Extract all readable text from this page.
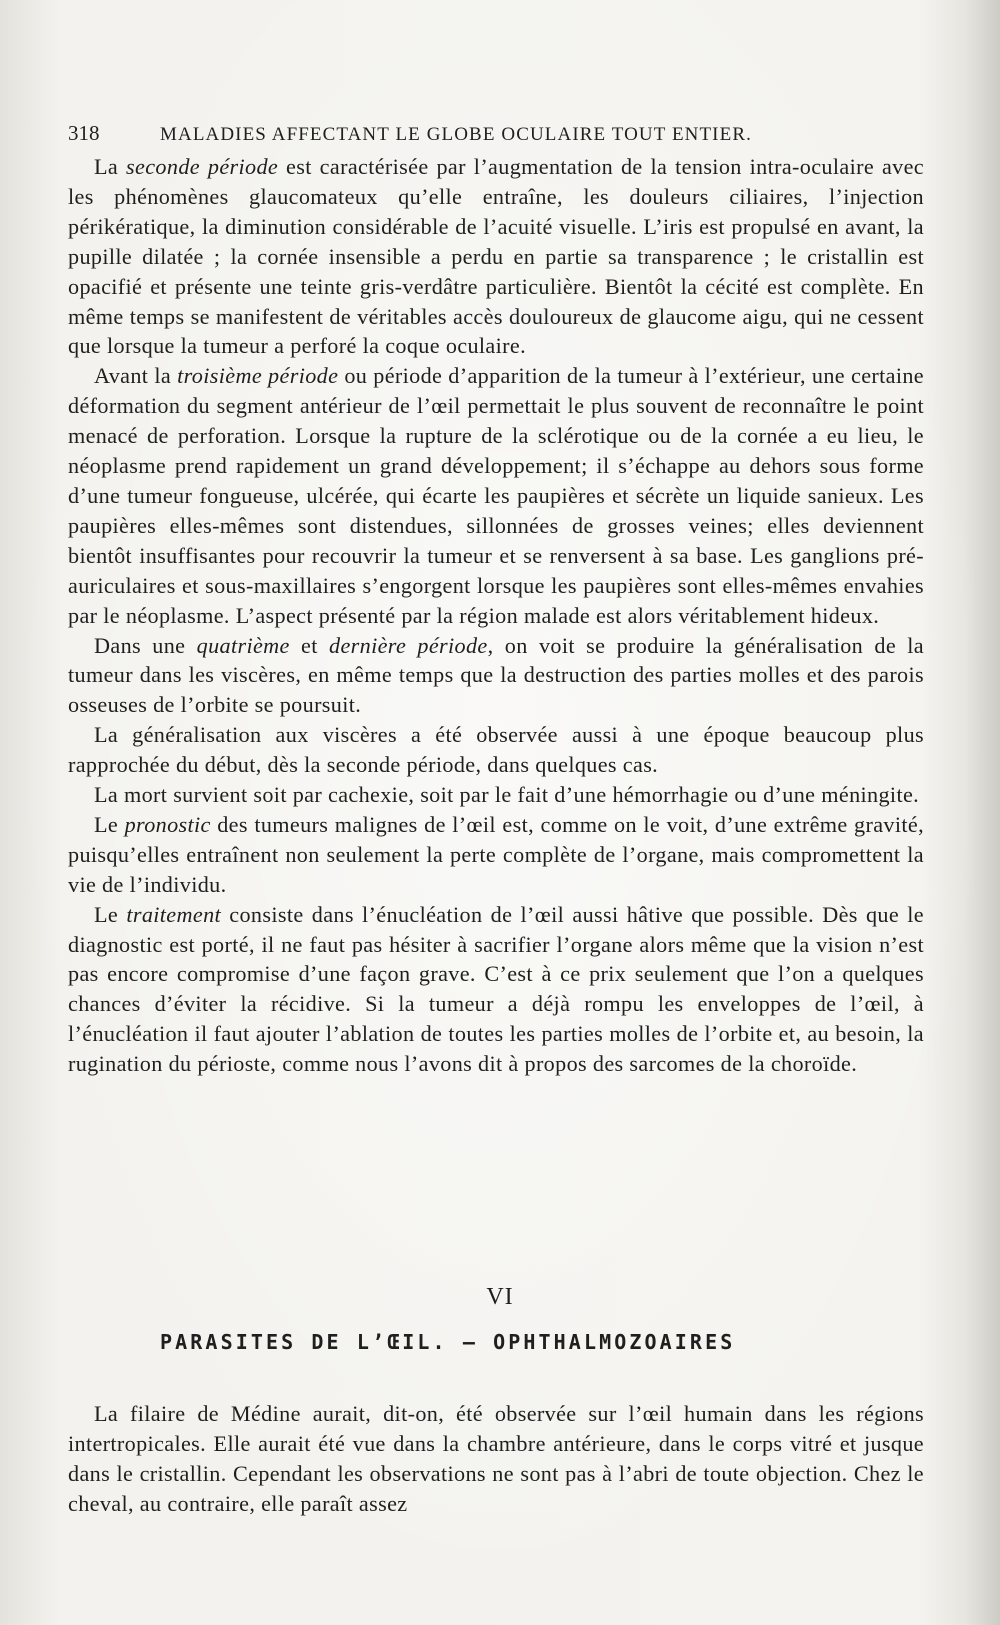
318	MALADIES AFFECTANT LE GLOBE OCULAIRE TOUT ENTIER.

La seconde période est caractérisée par l’augmentation de la tension intra-oculaire avec les phénomènes glaucomateux qu’elle entraîne, les douleurs ciliaires, l’injection périkératique, la diminution considérable de l’acuité visuelle. L’iris est propulsé en avant, la pupille dilatée ; la cornée insensible a perdu en partie sa transparence ; le cristallin est opacifié et présente une teinte gris-verdâtre particulière. Bientôt la cécité est complète. En même temps se manifestent de véritables accès douloureux de glaucome aigu, qui ne cessent que lorsque la tumeur a perforé la coque oculaire.

Avant la troisième période ou période d’apparition de la tumeur à l’extérieur, une certaine déformation du segment antérieur de l’œil permettait le plus souvent de reconnaître le point menacé de perforation. Lorsque la rupture de la sclérotique ou de la cornée a eu lieu, le néoplasme prend rapidement un grand développement; il s’échappe au dehors sous forme d’une tumeur fongueuse, ulcérée, qui écarte les paupières et sécrète un liquide sanieux. Les paupières elles-mêmes sont distendues, sillonnées de grosses veines; elles deviennent bientôt insuffisantes pour recouvrir la tumeur et se renversent à sa base. Les ganglions pré-auriculaires et sous-maxillaires s’engorgent lorsque les paupières sont elles-mêmes envahies par le néoplasme. L’aspect présenté par la région malade est alors véritablement hideux.

Dans une quatrième et dernière période, on voit se produire la généralisation de la tumeur dans les viscères, en même temps que la destruction des parties molles et des parois osseuses de l’orbite se poursuit.

La généralisation aux viscères a été observée aussi à une époque beaucoup plus rapprochée du début, dès la seconde période, dans quelques cas.

La mort survient soit par cachexie, soit par le fait d’une hémorrhagie ou d’une méningite.

Le pronostic des tumeurs malignes de l’œil est, comme on le voit, d’une extrême gravité, puisqu’elles entraînent non seulement la perte complète de l’organe, mais compromettent la vie de l’individu.

Le traitement consiste dans l’énucléation de l’œil aussi hâtive que possible. Dès que le diagnostic est porté, il ne faut pas hésiter à sacrifier l’organe alors même que la vision n’est pas encore compromise d’une façon grave. C’est à ce prix seulement que l’on a quelques chances d’éviter la récidive. Si la tumeur a déjà rompu les enveloppes de l’œil, à l’énucléation il faut ajouter l’ablation de toutes les parties molles de l’orbite et, au besoin, la rugination du périoste, comme nous l’avons dit à propos des sarcomes de la choroïde.

VI
PARASITES DE L’ŒIL. — OPHTHALMOZOAIRES

La filaire de Médine aurait, dit-on, été observée sur l’œil humain dans les régions intertropicales. Elle aurait été vue dans la chambre antérieure, dans le corps vitré et jusque dans le cristallin. Cependant les observations ne sont pas à l’abri de toute objection. Chez le cheval, au contraire, elle paraît assez
